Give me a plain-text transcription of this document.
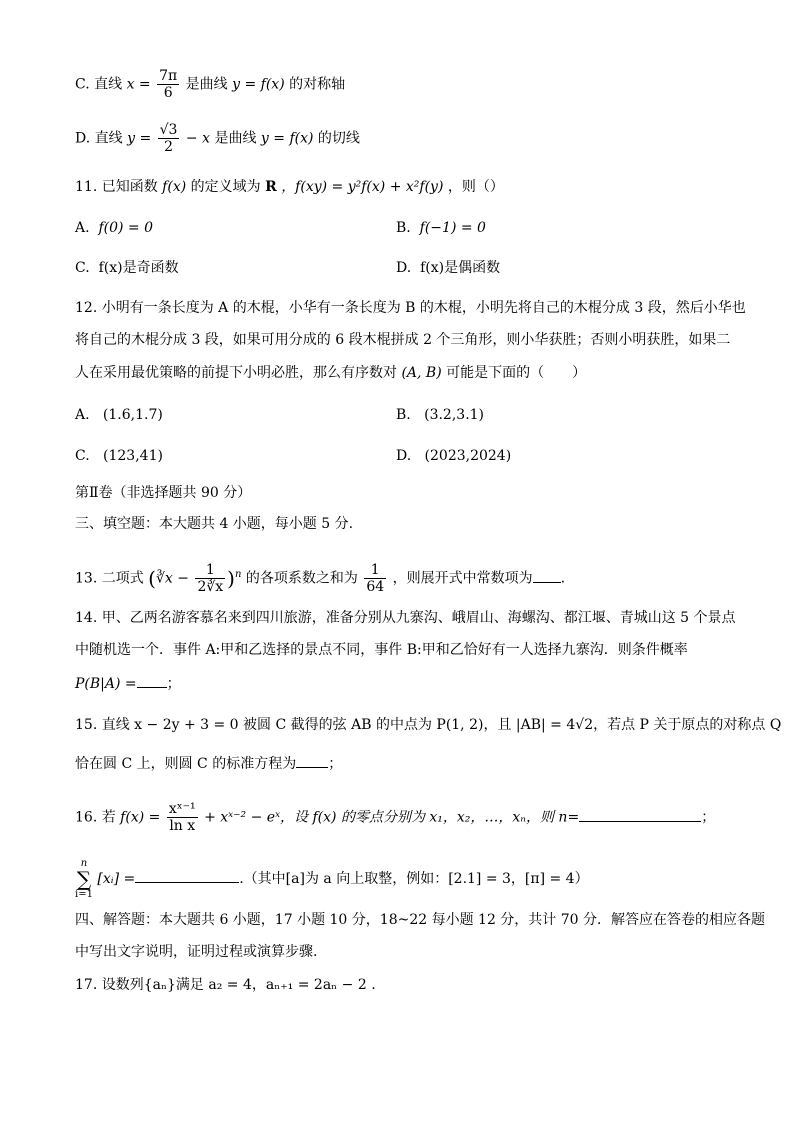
C. 直线 $x = \frac{7\pi}{6}$ 是曲线 y = f(x) 的对称轴
D. 直线 $y = \frac{√3}{2} - x$ 是曲线 y = f(x) 的切线
11. 已知函数 f(x) 的定义域为 R ，f(xy) = y²f(x) + x²f(y) ，则（）
A. f(0) = 0	B. f(−1) = 0
C. f(x)是奇函数	D. f(x)是偶函数
12. 小明有一条长度为 A 的木棍，小华有一条长度为 B 的木棍，小明先将自己的木棍分成 3 段，然后小华也
将自己的木棍分成 3 段，如果可用分成的 6 段木棍拼成 2 个三角形，则小华获胜；否则小明获胜，如果二
人在采用最优策略的前提下小明必胜，那么有序数对 (A, B) 可能是下面的（　　）
A. (1.6,1.7)	B. (3.2,3.1)
C. (123,41)	D. (2023,2024)
第Ⅱ卷（非选择题共 90 分）
三、填空题：本大题共 4 小题，每小题 5 分.
13. 二项式 (∛x − $\frac{1}{2∛x} )^n$ 的各项系数之和为 $\frac{1}{64}$ ，则展开式中常数项为 .
14. 甲、乙两名游客慕名来到四川旅游，准备分别从九寨沟、峨眉山、海螺沟、都江堰、青城山这 5 个景点
中随机选一个．事件 A:甲和乙选择的景点不同，事件 B:甲和乙恰好有一人选择九寨沟．则条件概率
P(B|A) = ；
15. 直线 x − 2y + 3 = 0 被圆 C 截得的弦 AB 的中点为 P(1, 2)，且 |AB| = 4√2，若点 P 关于原点的对称点 Q
恰在圆 C 上，则圆 C 的标准方程为 ；
16. 若 $f(x) = \frac{\text{xˣ⁻¹}}{\text{ln x}}$ + xˣ⁻² − eˣ，设 f(x) 的零点分别为 x₁，x₂，…，xₙ，则 n=	；
n
∑
i=1 [xᵢ] =	.（其中[a]为 a 向上取整，例如：[2.1] = 3，[π] = 4）
四、解答题：本大题共 6 小题，17 小题 10 分，18~22 每小题 12 分，共计 70 分．解答应在答卷的相应各题
中写出文字说明，证明过程或演算步骤.
17. 设数列{aₙ}满足 a₂ = 4，aₙ₊₁ = 2aₙ − 2 .
